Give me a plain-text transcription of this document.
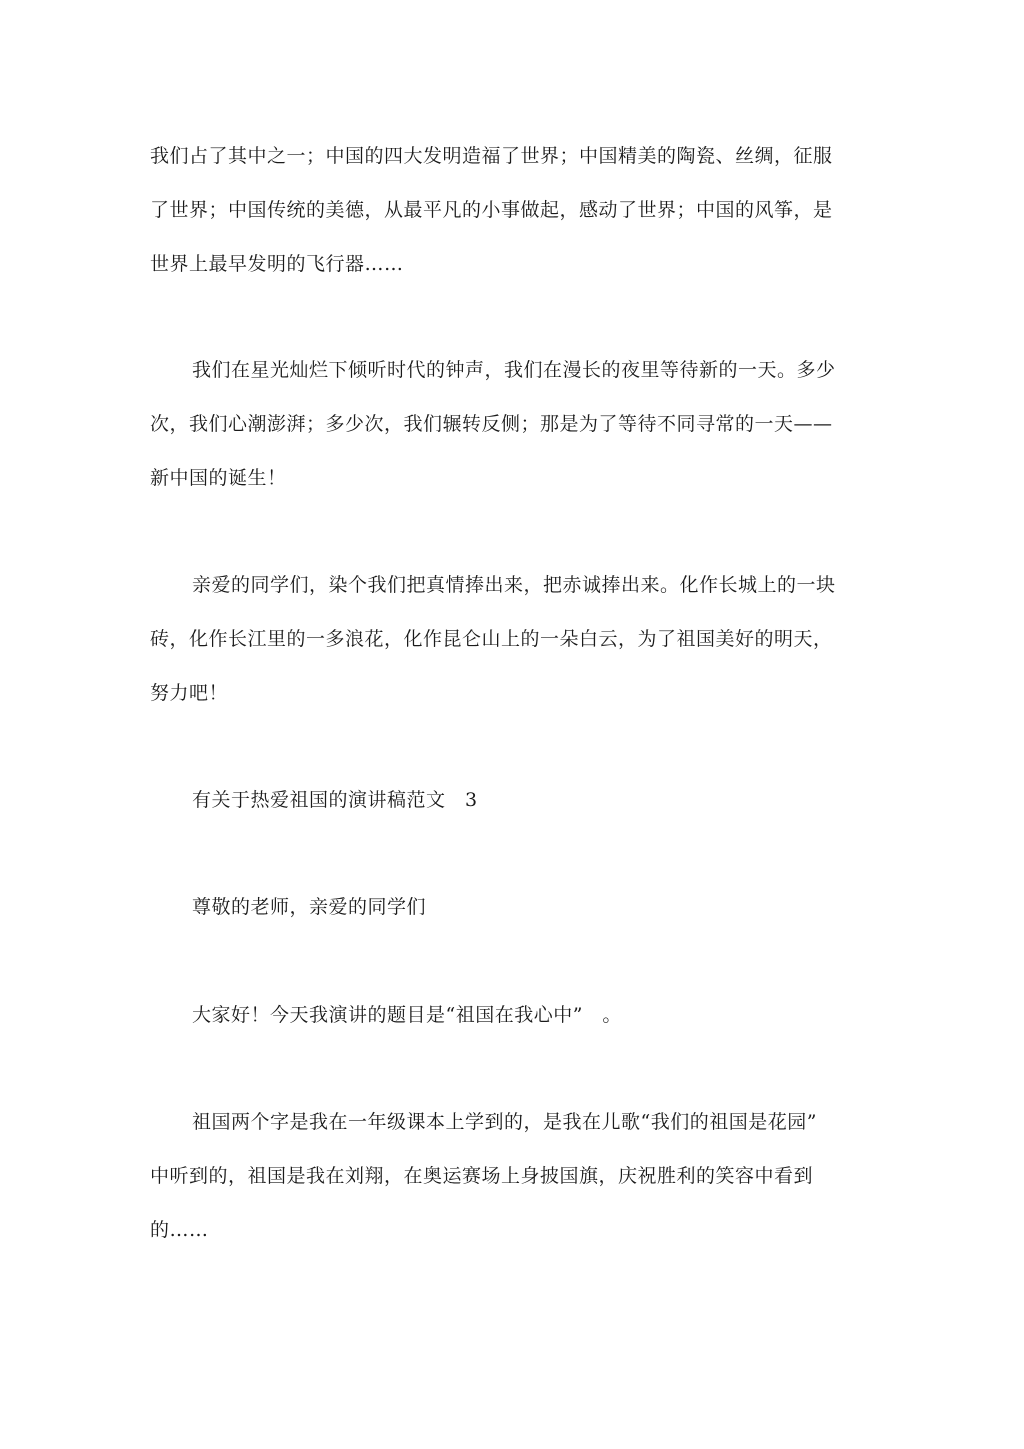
我们占了其中之一；中国的四大发明造福了世界；中国精美的陶瓷、丝绸，征服
了世界；中国传统的美德，从最平凡的小事做起，感动了世界；中国的风筝，是
世界上最早发明的飞行器……
我们在星光灿烂下倾听时代的钟声，我们在漫长的夜里等待新的一天。多少
次，我们心潮澎湃；多少次，我们辗转反侧；那是为了等待不同寻常的一天——
新中国的诞生！
亲爱的同学们，染个我们把真情捧出来，把赤诚捧出来。化作长城上的一块
砖，化作长江里的一多浪花，化作昆仑山上的一朵白云，为了祖国美好的明天，
努力吧！
有关于热爱祖国的演讲稿范文　3
尊敬的老师，亲爱的同学们
大家好！今天我演讲的题目是“祖国在我心中”　。
祖国两个字是我在一年级课本上学到的，是我在儿歌“我们的祖国是花园”
中听到的，祖国是我在刘翔，在奥运赛场上身披国旗，庆祝胜利的笑容中看到
的……
